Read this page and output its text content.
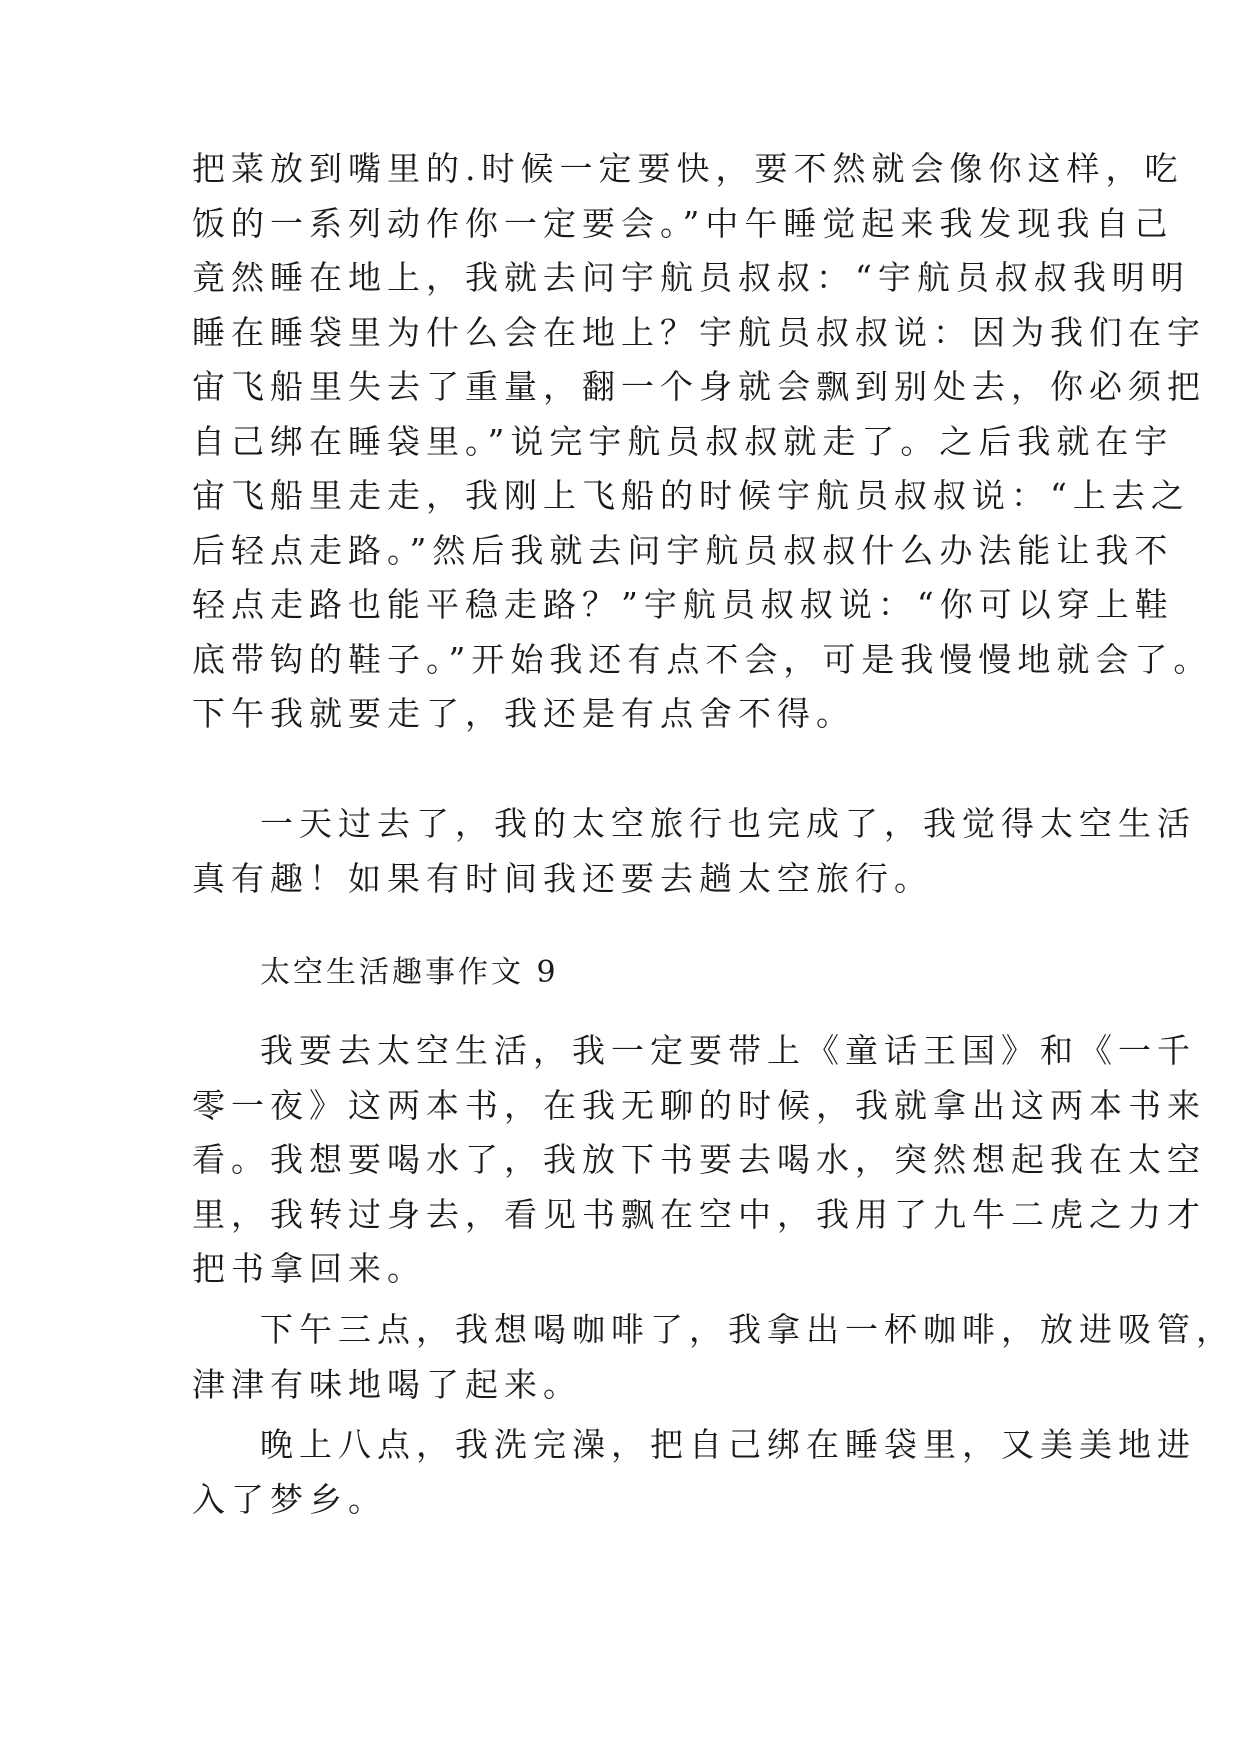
把菜放到嘴里的.时候一定要快，要不然就会像你这样，吃
饭的一系列动作你一定要会。”中午睡觉起来我发现我自己
竟然睡在地上，我就去问宇航员叔叔：“宇航员叔叔我明明
睡在睡袋里为什么会在地上？宇航员叔叔说：因为我们在宇
宙飞船里失去了重量，翻一个身就会飘到别处去，你必须把
自己绑在睡袋里。”说完宇航员叔叔就走了。之后我就在宇
宙飞船里走走，我刚上飞船的时候宇航员叔叔说：“上去之
后轻点走路。”然后我就去问宇航员叔叔什么办法能让我不
轻点走路也能平稳走路？”宇航员叔叔说：“你可以穿上鞋
底带钩的鞋子。”开始我还有点不会，可是我慢慢地就会了。
下午我就要走了，我还是有点舍不得。
一天过去了，我的太空旅行也完成了，我觉得太空生活
真有趣！如果有时间我还要去趟太空旅行。
太空生活趣事作文 9
我要去太空生活，我一定要带上《童话王国》和《一千
零一夜》这两本书，在我无聊的时候，我就拿出这两本书来
看。我想要喝水了，我放下书要去喝水，突然想起我在太空
里，我转过身去，看见书飘在空中，我用了九牛二虎之力才
把书拿回来。
下午三点，我想喝咖啡了，我拿出一杯咖啡，放进吸管，
津津有味地喝了起来。
晚上八点，我洗完澡，把自己绑在睡袋里，又美美地进
入了梦乡。
